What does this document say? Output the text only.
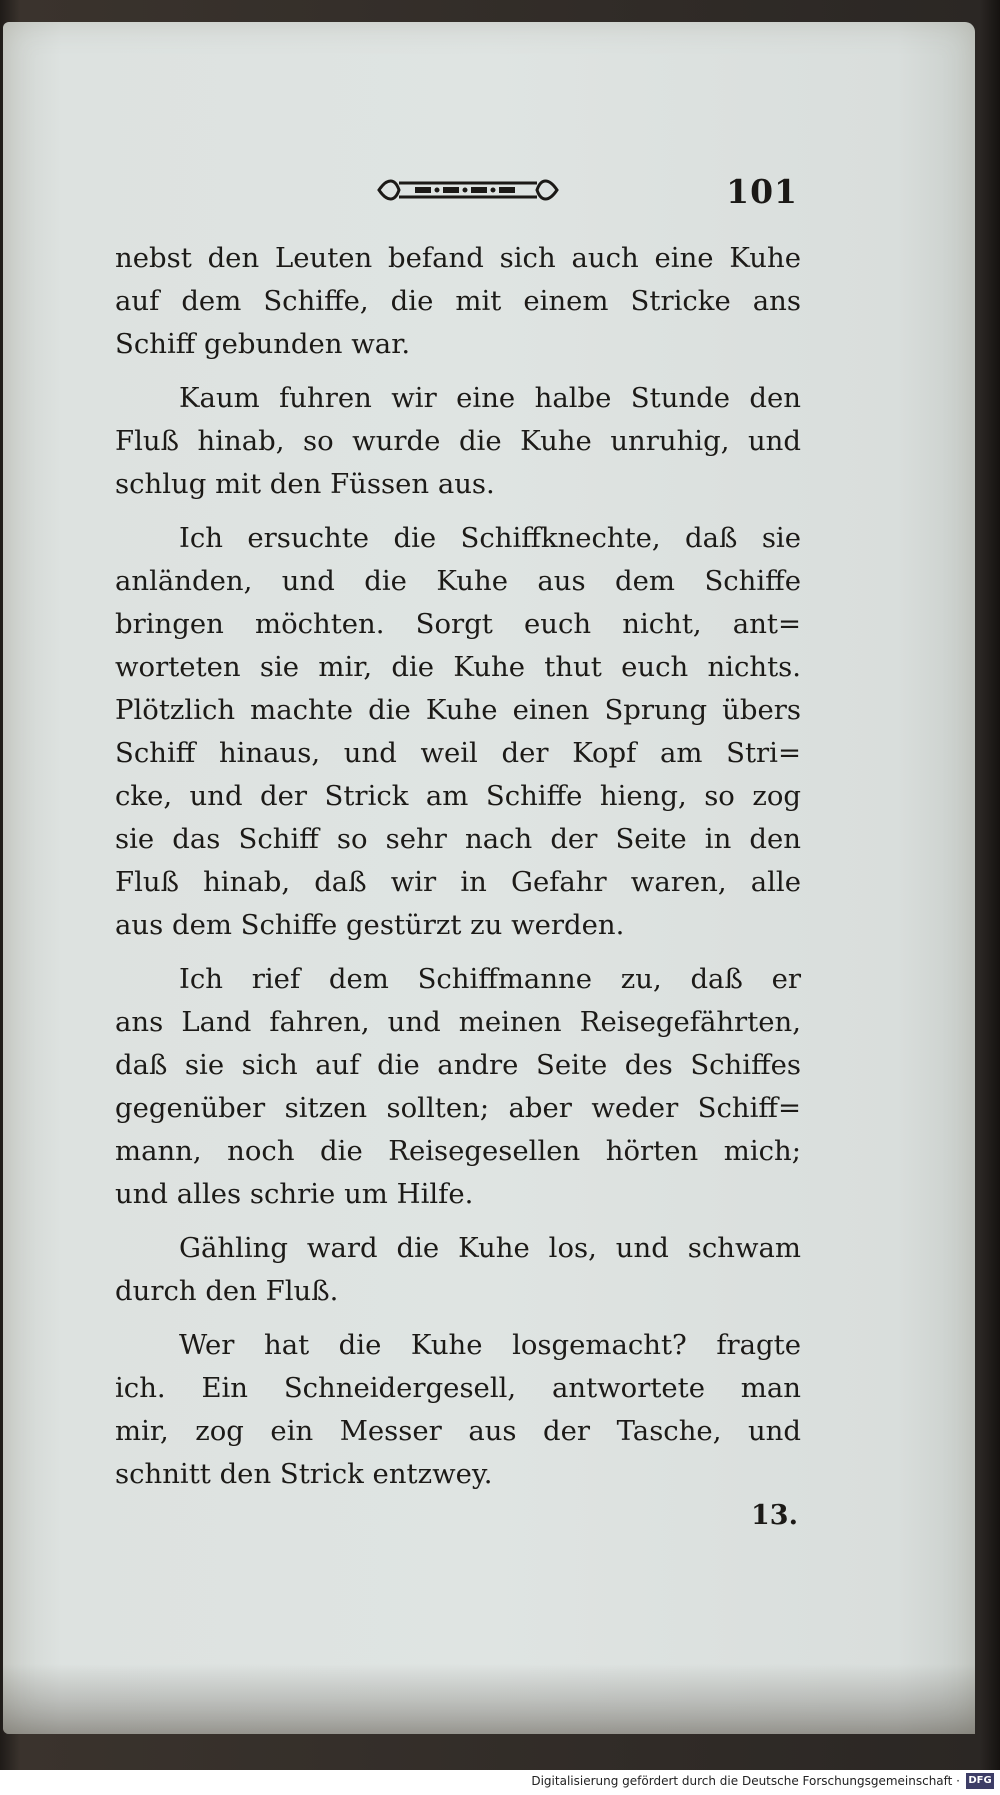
101

nebst den Leuten befand sich auch eine Kuhe
auf dem Schiffe, die mit einem Stricke ans
Schiff gebunden war.

Kaum fuhren wir eine halbe Stunde den
Fluß hinab, so wurde die Kuhe unruhig, und
schlug mit den Füssen aus.

Ich ersuchte die Schiffknechte, daß sie
anländen, und die Kuhe aus dem Schiffe
bringen möchten. Sorgt euch nicht, ant=
worteten sie mir, die Kuhe thut euch nichts.
Plötzlich machte die Kuhe einen Sprung übers
Schiff hinaus, und weil der Kopf am Stri=
cke, und der Strick am Schiffe hieng, so zog
sie das Schiff so sehr nach der Seite in den
Fluß hinab, daß wir in Gefahr waren, alle
aus dem Schiffe gestürzt zu werden.

Ich rief dem Schiffmanne zu, daß er
ans Land fahren, und meinen Reisegefährten,
daß sie sich auf die andre Seite des Schiffes
gegenüber sitzen sollten; aber weder Schiff=
mann, noch die Reisegesellen hörten mich;
und alles schrie um Hilfe.

Gähling ward die Kuhe los, und schwam
durch den Fluß.

Wer hat die Kuhe losgemacht? fragte
ich. Ein Schneidergesell, antwortete man
mir, zog ein Messer aus der Tasche, und
schnitt den Strick entzwey.

13.
Digitalisierung gefördert durch die Deutsche Forschungsgemeinschaft · DFG
